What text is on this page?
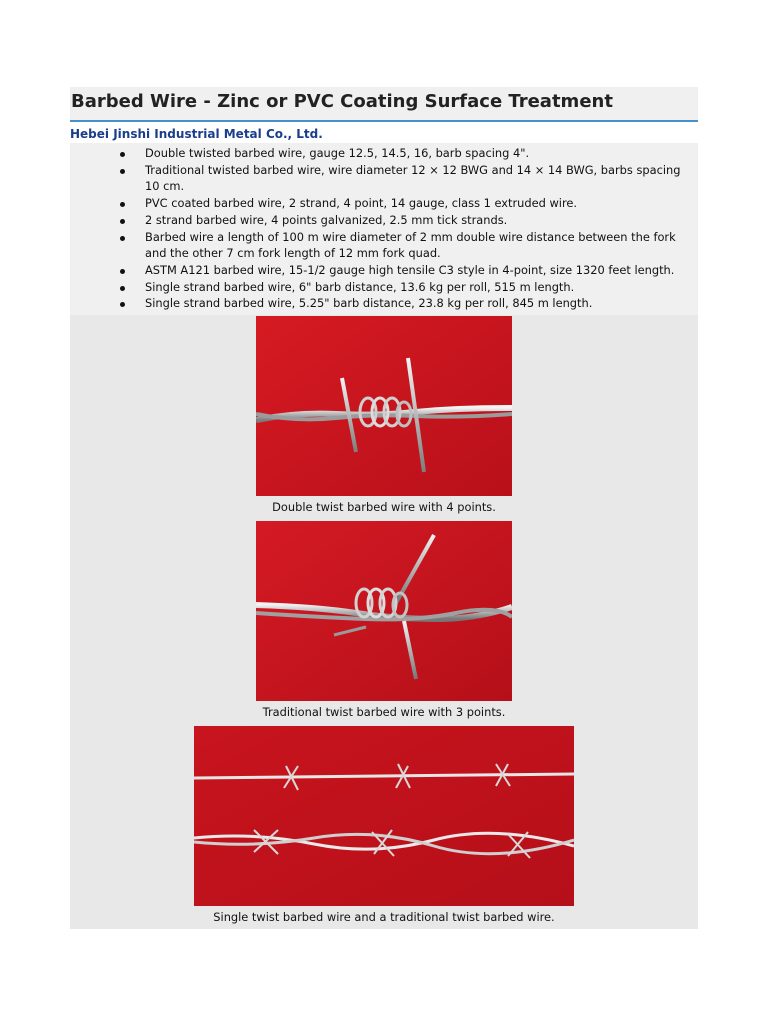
Barbed Wire - Zinc or PVC Coating Surface Treatment
Hebei Jinshi Industrial Metal Co., Ltd.
Double twisted barbed wire, gauge 12.5, 14.5, 16, barb spacing 4".
Traditional twisted barbed wire, wire diameter 12 × 12 BWG and 14 × 14 BWG, barbs spacing 10 cm.
PVC coated barbed wire, 2 strand, 4 point, 14 gauge, class 1 extruded wire.
2 strand barbed wire, 4 points galvanized, 2.5 mm tick strands.
Barbed wire a length of 100 m wire diameter of 2 mm double wire distance between the fork and the other 7 cm fork length of 12 mm fork quad.
ASTM A121 barbed wire, 15-1/2 gauge high tensile C3 style in 4-point, size 1320 feet length.
Single strand barbed wire, 6" barb distance, 13.6 kg per roll, 515 m length.
Single strand barbed wire, 5.25" barb distance, 23.8 kg per roll, 845 m length.
Double twist barbed wire with 4 points.
Traditional twist barbed wire with 3 points.
Single twist barbed wire and a traditional twist barbed wire.
